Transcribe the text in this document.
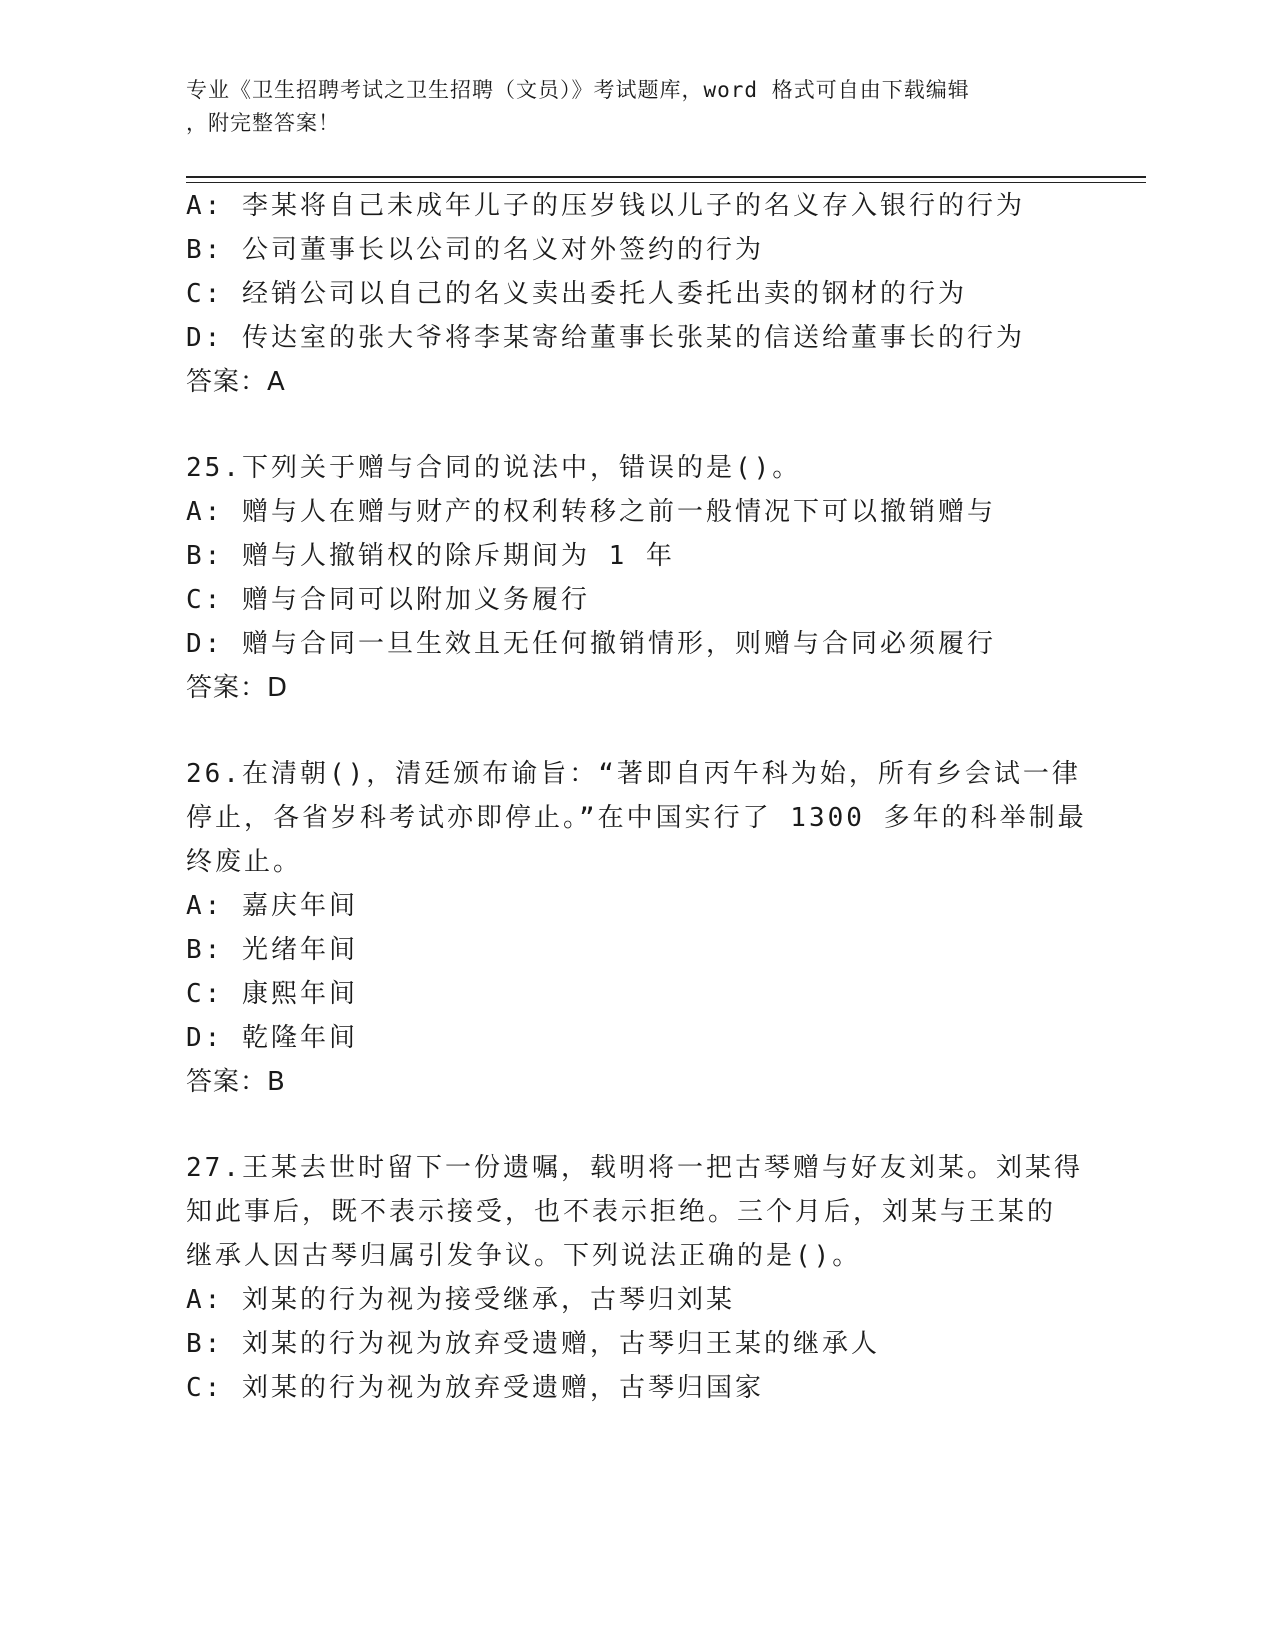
专业《卫生招聘考试之卫生招聘（文员）》考试题库，word 格式可自由下载编辑
，附完整答案！
A: 李某将自己未成年儿子的压岁钱以儿子的名义存入银行的行为
B: 公司董事长以公司的名义对外签约的行为
C: 经销公司以自己的名义卖出委托人委托出卖的钢材的行为
D: 传达室的张大爷将李某寄给董事长张某的信送给董事长的行为
答案：A
25.下列关于赠与合同的说法中，错误的是()。
A: 赠与人在赠与财产的权利转移之前一般情况下可以撤销赠与
B: 赠与人撤销权的除斥期间为 1 年
C: 赠与合同可以附加义务履行
D: 赠与合同一旦生效且无任何撤销情形，则赠与合同必须履行
答案：D
26.在清朝()，清廷颁布谕旨：“著即自丙午科为始，所有乡会试一律
停止，各省岁科考试亦即停止。”在中国实行了 1300 多年的科举制最
终废止。
A: 嘉庆年间
B: 光绪年间
C: 康熙年间
D: 乾隆年间
答案：B
27.王某去世时留下一份遗嘱，载明将一把古琴赠与好友刘某。刘某得
知此事后，既不表示接受，也不表示拒绝。三个月后，刘某与王某的
继承人因古琴归属引发争议。下列说法正确的是()。
A: 刘某的行为视为接受继承，古琴归刘某
B: 刘某的行为视为放弃受遗赠，古琴归王某的继承人
C: 刘某的行为视为放弃受遗赠，古琴归国家
